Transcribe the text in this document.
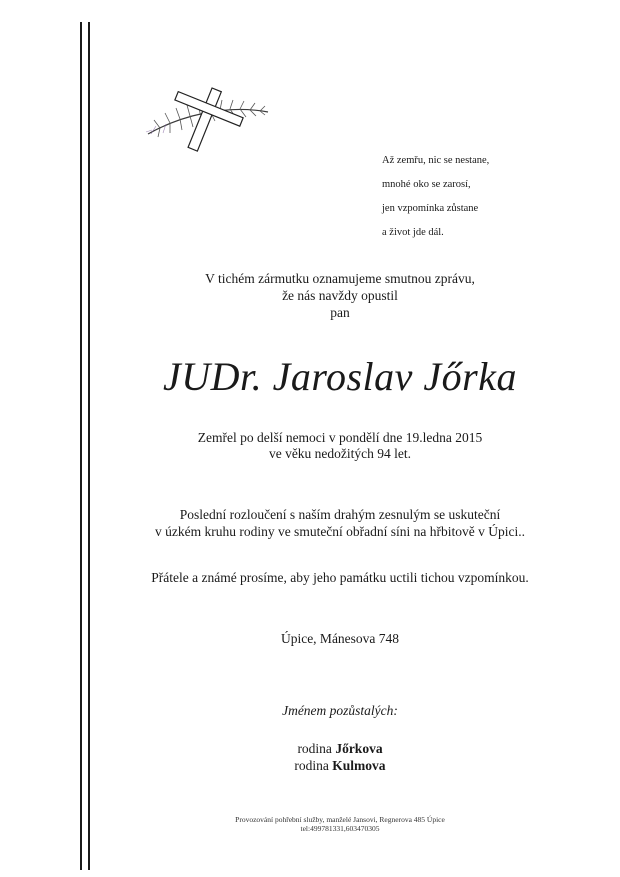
Až zemřu, nic se nestane,

mnohé oko se zarosí,

jen vzpomínka zůstane

a život jde dál.

V tichém zármutku oznamujeme smutnou zprávu,
že nás navždy opustil
pan
JUDr. Jaroslav Jőrka
Zemřel po delší nemoci v pondělí dne 19.ledna 2015
ve věku nedožitých 94 let.
Poslední rozloučení s naším drahým zesnulým se uskuteční
v úzkém kruhu rodiny ve smuteční obřadní síni na hřbitově v Úpici..
Přátele a známé prosíme, aby jeho památku uctili tichou vzpomínkou.
Úpice, Mánesova 748
Jménem pozůstalých:
rodina Jőrkova
rodina Kulmova
Provozování pohřební služby, manželé Jansovi, Regnerova 485 Úpice
tel:499781331,603470305
